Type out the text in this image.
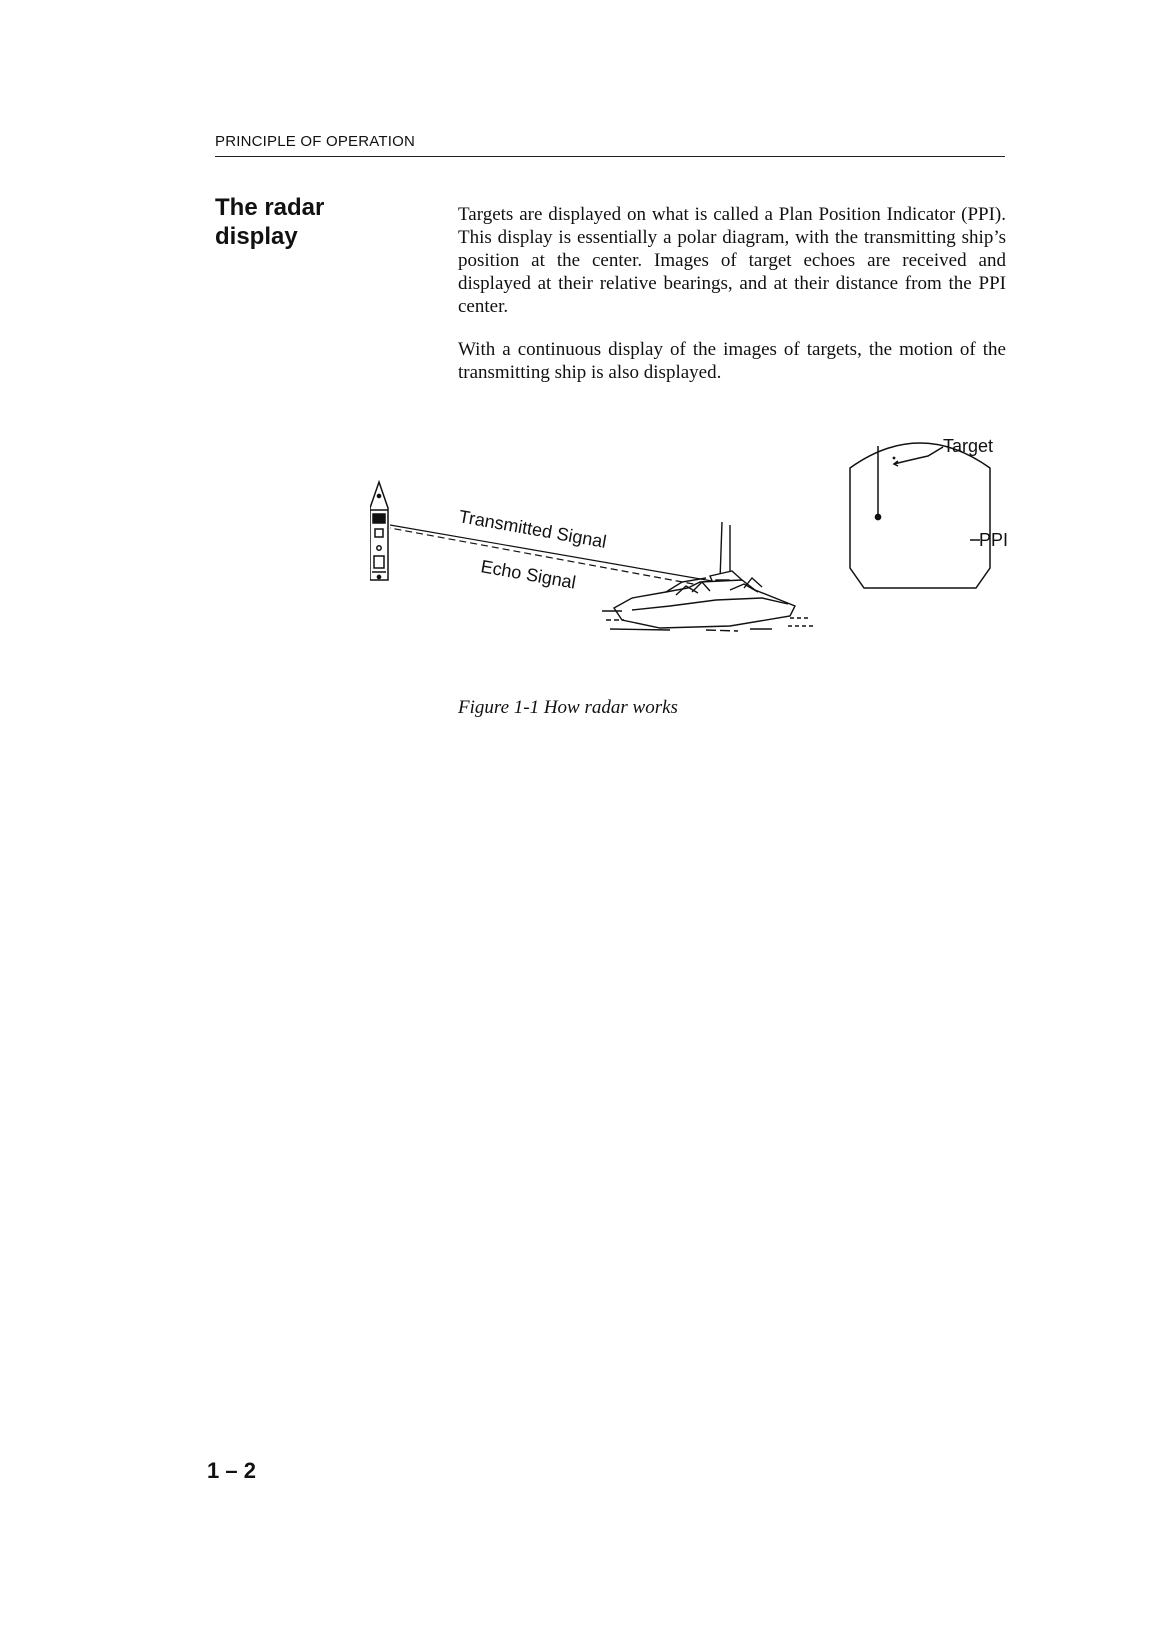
PRINCIPLE OF OPERATION
The radar
display

Targets are displayed on what is called a Plan Position Indicator (PPI). This display is essentially a polar diagram, with the transmitting ship’s position at the center. Images of target echoes are received and displayed at their relative bearings, and at their distance from the PPI center.

With a continuous display of the images of targets, the motion of the transmitting ship is also displayed.

Transmitted Signal
Echo Signal
Target
PPI
Figure 1-1 How radar works
1 – 2
